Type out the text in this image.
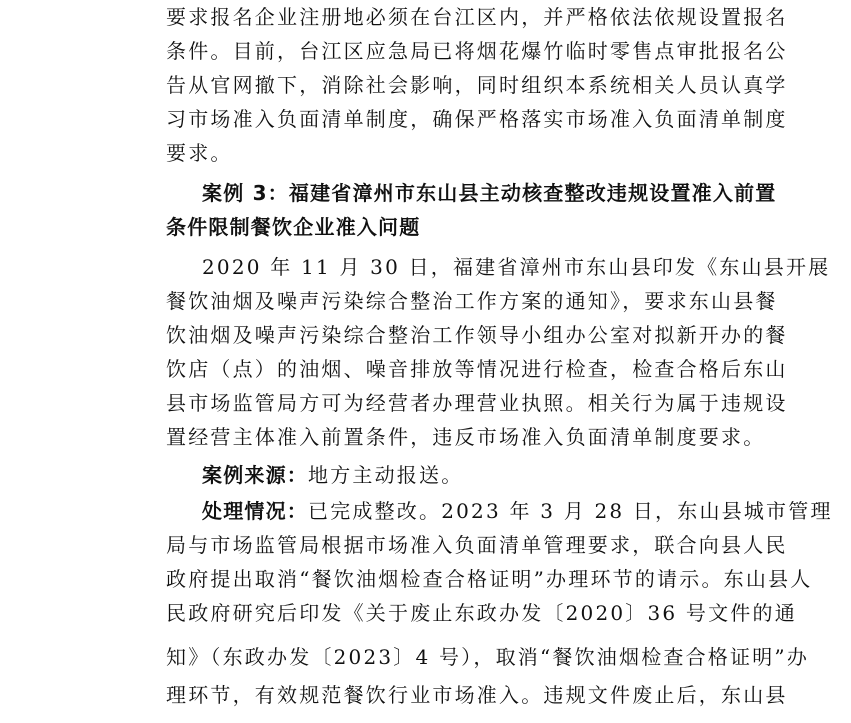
要求报名企业注册地必须在台江区内，并严格依法依规设置报名
条件。目前，台江区应急局已将烟花爆竹临时零售点审批报名公
告从官网撤下，消除社会影响，同时组织本系统相关人员认真学
习市场准入负面清单制度，确保严格落实市场准入负面清单制度
要求。
案例 3：福建省漳州市东山县主动核查整改违规设置准入前置
条件限制餐饮企业准入问题
2020 年 11 月 30 日，福建省漳州市东山县印发《东山县开展
餐饮油烟及噪声污染综合整治工作方案的通知》，要求东山县餐
饮油烟及噪声污染综合整治工作领导小组办公室对拟新开办的餐
饮店（点）的油烟、噪音排放等情况进行检查，检查合格后东山
县市场监管局方可为经营者办理营业执照。相关行为属于违规设
置经营主体准入前置条件，违反市场准入负面清单制度要求。
案例来源：地方主动报送。
处理情况：已完成整改。2023 年 3 月 28 日，东山县城市管理
局与市场监管局根据市场准入负面清单管理要求，联合向县人民
政府提出取消“餐饮油烟检查合格证明”办理环节的请示。东山县人
民政府研究后印发《关于废止东政办发〔2020〕36 号文件的通
知》（东政办发〔2023〕4 号），取消“餐饮油烟检查合格证明”办
理环节，有效规范餐饮行业市场准入。违规文件废止后，东山县
